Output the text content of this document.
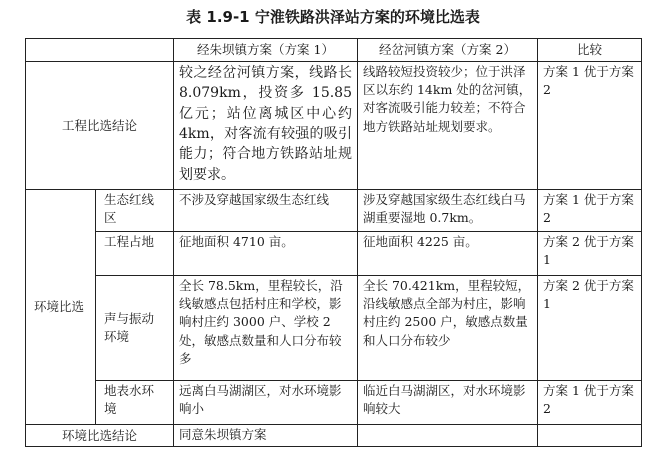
表 1.9-1 宁淮铁路洪泽站方案的环境比选表
		经朱坝镇方案（方案 1）	经岔河镇方案（方案 2）	比较
工程比选结论		较之经岔河镇方案，线路长 8.079km，投资多 15.85 亿元；站位离城区中心约 4km，对客流有较强的吸引能力；符合地方铁路站址规划要求。	线路较短投资较少；位于洪泽区以东约 14km 处的岔河镇，对客流吸引能力较差；不符合地方铁路站址规划要求。	方案 1 优于方案 2
环境比选	生态红线区	不涉及穿越国家级生态红线	涉及穿越国家级生态红线白马湖重要湿地 0.7km。	方案 1 优于方案 2
	工程占地	征地面积 4710 亩。	征地面积 4225 亩。	方案 2 优于方案 1
	声与振动环境	全长 78.5km，里程较长，沿线敏感点包括村庄和学校，影响村庄约 3000 户、学校 2 处，敏感点数量和人口分布较多	全长 70.421km，里程较短，沿线敏感点全部为村庄，影响村庄约 2500 户，敏感点数量和人口分布较少	方案 2 优于方案 1
	地表水环境	远离白马湖湖区，对水环境影响小	临近白马湖湖区，对水环境影响较大	方案 1 优于方案 2
环境比选结论		同意朱坝镇方案		
